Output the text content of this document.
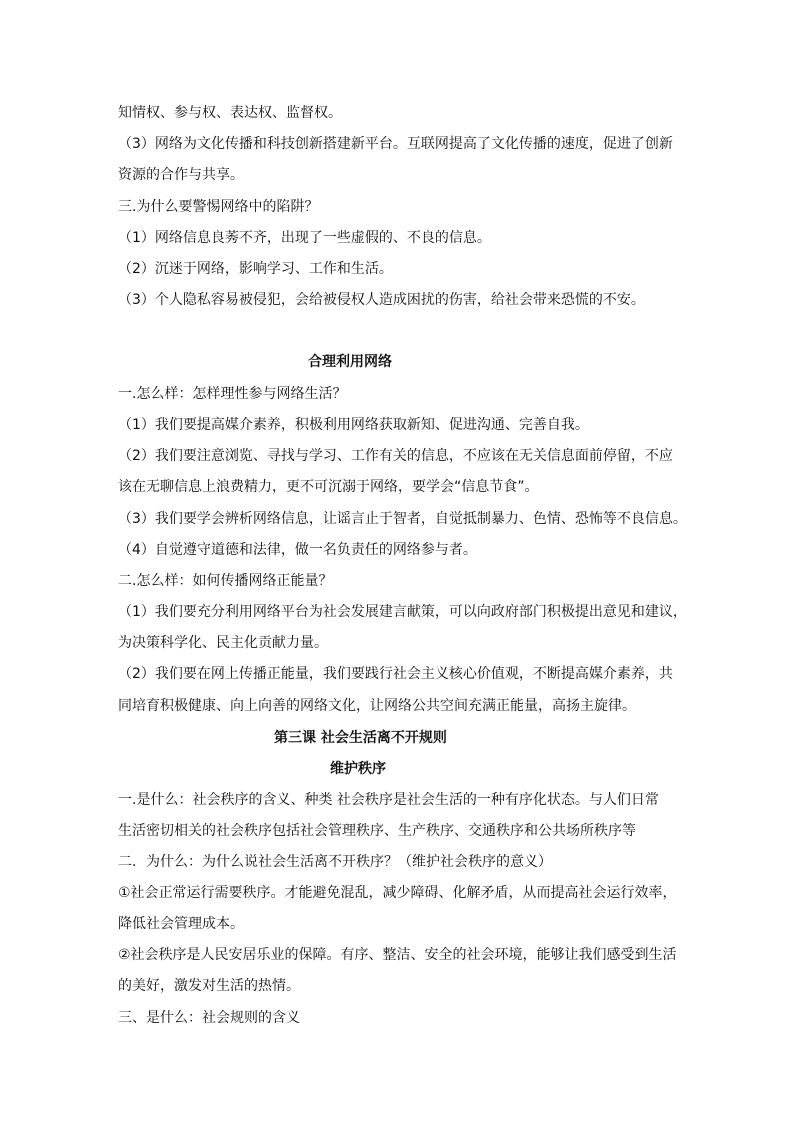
知情权、参与权、表达权、监督权。
（3）网络为文化传播和科技创新搭建新平台。互联网提高了文化传播的速度，促进了创新
资源的合作与共享。
三.为什么要警惕网络中的陷阱？
（1）网络信息良莠不齐，出现了一些虚假的、不良的信息。
（2）沉迷于网络，影响学习、工作和生活。
（3）个人隐私容易被侵犯，会给被侵权人造成困扰的伤害，给社会带来恐慌的不安。
合理利用网络
一.怎么样：怎样理性参与网络生活？
（1）我们要提高媒介素养，积极利用网络获取新知、促进沟通、完善自我。
（2）我们要注意浏览、寻找与学习、工作有关的信息，不应该在无关信息面前停留，不应
该在无聊信息上浪费精力，更不可沉溺于网络，要学会“信息节食”。
（3）我们要学会辨析网络信息，让谣言止于智者，自觉抵制暴力、色情、恐怖等不良信息。
（4）自觉遵守道德和法律，做一名负责任的网络参与者。
二.怎么样：如何传播网络正能量？
（1）我们要充分利用网络平台为社会发展建言献策，可以向政府部门积极提出意见和建议，
为决策科学化、民主化贡献力量。
（2）我们要在网上传播正能量，我们要践行社会主义核心价值观，不断提高媒介素养，共
同培育积极健康、向上向善的网络文化，让网络公共空间充满正能量，高扬主旋律。
第三课 社会生活离不开规则
维护秩序
一.是什么：社会秩序的含义、种类 社会秩序是社会生活的一种有序化状态。与人们日常
生活密切相关的社会秩序包括社会管理秩序、生产秩序、交通秩序和公共场所秩序等
二．为什么：为什么说社会生活离不开秩序？（维护社会秩序的意义）
①社会正常运行需要秩序。才能避免混乱，减少障碍、化解矛盾，从而提高社会运行效率，
降低社会管理成本。
②社会秩序是人民安居乐业的保障。有序、整洁、安全的社会环境，能够让我们感受到生活
的美好，激发对生活的热情。
三、是什么：社会规则的含义
